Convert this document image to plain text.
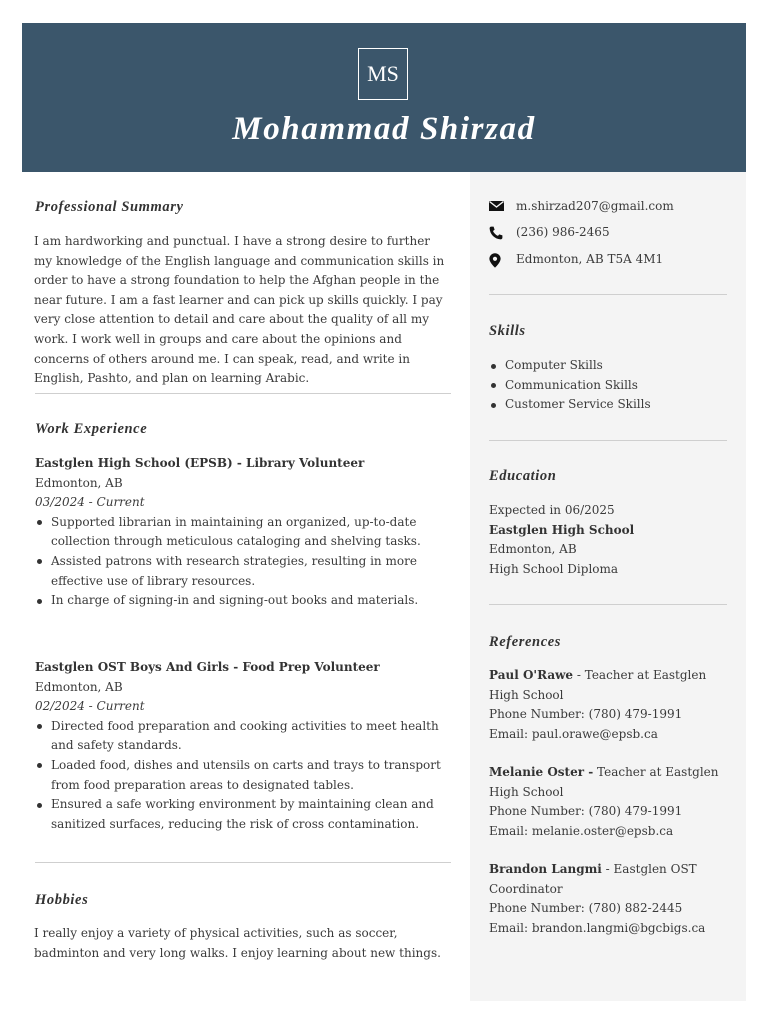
MS
Mohammad Shirzad
Professional Summary
I am hardworking and punctual. I have a strong desire to further my knowledge of the English language and communication skills in order to have a strong foundation to help the Afghan people in the near future. I am a fast learner and can pick up skills quickly. I pay very close attention to detail and care about the quality of all my work. I work well in groups and care about the opinions and concerns of others around me. I can speak, read, and write in English, Pashto, and plan on learning Arabic.
Work Experience
Eastglen High School (EPSB) - Library Volunteer
Edmonton, AB
03/2024 - Current
Supported librarian in maintaining an organized, up-to-date collection through meticulous cataloging and shelving tasks.
Assisted patrons with research strategies, resulting in more effective use of library resources.
In charge of signing-in and signing-out books and materials.
Eastglen OST Boys And Girls - Food Prep Volunteer
Edmonton, AB
02/2024 - Current
Directed food preparation and cooking activities to meet health and safety standards.
Loaded food, dishes and utensils on carts and trays to transport from food preparation areas to designated tables.
Ensured a safe working environment by maintaining clean and sanitized surfaces, reducing the risk of cross contamination.
Hobbies
I really enjoy a variety of physical activities, such as soccer, badminton and very long walks. I enjoy learning about new things.
m.shirzad207@gmail.com
(236) 986-2465
Edmonton, AB T5A 4M1
Skills
Computer Skills
Communication Skills
Customer Service Skills
Education

Expected in 06/2025

Eastglen High School

Edmonton, AB

High School Diploma

References

Paul O'Rawe - Teacher at Eastglen High School

Phone Number: (780) 479-1991

Email: paul.orawe@epsb.ca

Melanie Oster - Teacher at Eastglen High School

Phone Number: (780) 479-1991

Email: melanie.oster@epsb.ca

Brandon Langmi - Eastglen OST Coordinator

Phone Number: (780) 882-2445

Email: brandon.langmi@bgcbigs.ca
